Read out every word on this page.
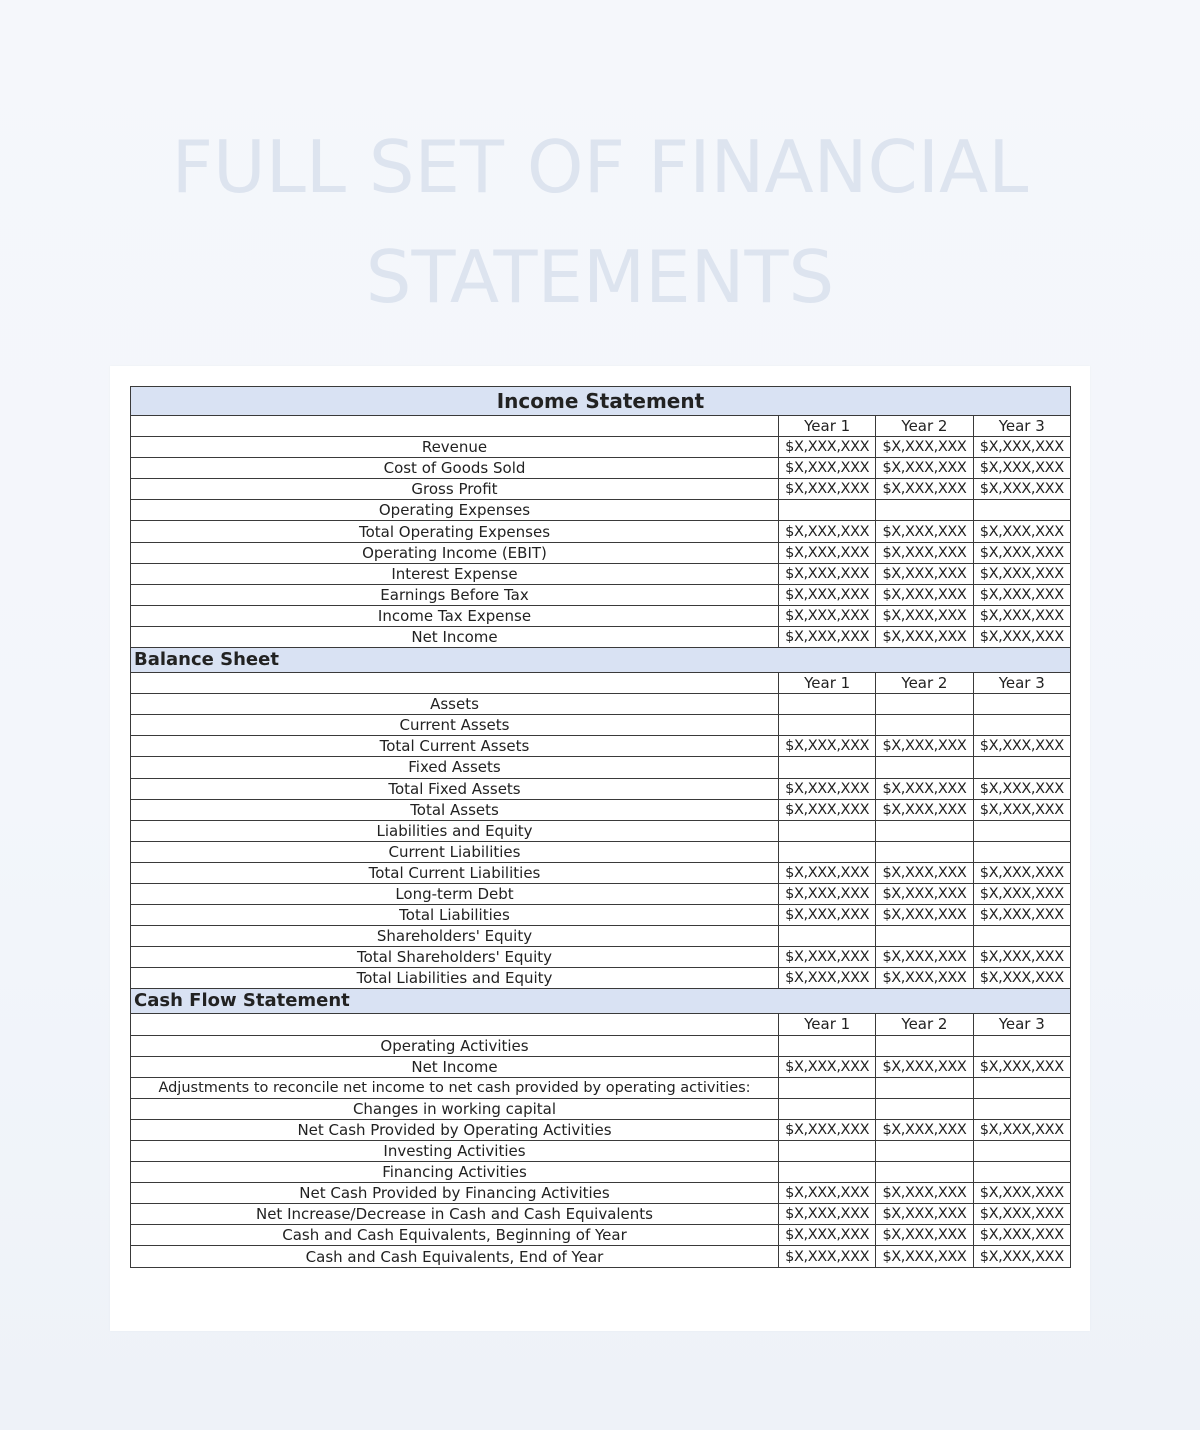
FULL SET OF FINANCIAL
STATEMENTS
Income Statement			
	Year 1	Year 2	Year 3
Revenue	$X,XXX,XXX	$X,XXX,XXX	$X,XXX,XXX
Cost of Goods Sold	$X,XXX,XXX	$X,XXX,XXX	$X,XXX,XXX
Gross Profit	$X,XXX,XXX	$X,XXX,XXX	$X,XXX,XXX
Operating Expenses			
Total Operating Expenses	$X,XXX,XXX	$X,XXX,XXX	$X,XXX,XXX
Operating Income (EBIT)	$X,XXX,XXX	$X,XXX,XXX	$X,XXX,XXX
Interest Expense	$X,XXX,XXX	$X,XXX,XXX	$X,XXX,XXX
Earnings Before Tax	$X,XXX,XXX	$X,XXX,XXX	$X,XXX,XXX
Income Tax Expense	$X,XXX,XXX	$X,XXX,XXX	$X,XXX,XXX
Net Income	$X,XXX,XXX	$X,XXX,XXX	$X,XXX,XXX
Balance Sheet			
	Year 1	Year 2	Year 3
Assets			
Current Assets			
Total Current Assets	$X,XXX,XXX	$X,XXX,XXX	$X,XXX,XXX
Fixed Assets			
Total Fixed Assets	$X,XXX,XXX	$X,XXX,XXX	$X,XXX,XXX
Total Assets	$X,XXX,XXX	$X,XXX,XXX	$X,XXX,XXX
Liabilities and Equity			
Current Liabilities			
Total Current Liabilities	$X,XXX,XXX	$X,XXX,XXX	$X,XXX,XXX
Long-term Debt	$X,XXX,XXX	$X,XXX,XXX	$X,XXX,XXX
Total Liabilities	$X,XXX,XXX	$X,XXX,XXX	$X,XXX,XXX
Shareholders' Equity			
Total Shareholders' Equity	$X,XXX,XXX	$X,XXX,XXX	$X,XXX,XXX
Total Liabilities and Equity	$X,XXX,XXX	$X,XXX,XXX	$X,XXX,XXX
Cash Flow Statement			
	Year 1	Year 2	Year 3
Operating Activities			
Net Income	$X,XXX,XXX	$X,XXX,XXX	$X,XXX,XXX
Adjustments to reconcile net income to net cash provided by operating activities:			
Changes in working capital			
Net Cash Provided by Operating Activities	$X,XXX,XXX	$X,XXX,XXX	$X,XXX,XXX
Investing Activities			
Financing Activities			
Net Cash Provided by Financing Activities	$X,XXX,XXX	$X,XXX,XXX	$X,XXX,XXX
Net Increase/Decrease in Cash and Cash Equivalents	$X,XXX,XXX	$X,XXX,XXX	$X,XXX,XXX
Cash and Cash Equivalents, Beginning of Year	$X,XXX,XXX	$X,XXX,XXX	$X,XXX,XXX
Cash and Cash Equivalents, End of Year	$X,XXX,XXX	$X,XXX,XXX	$X,XXX,XXX
